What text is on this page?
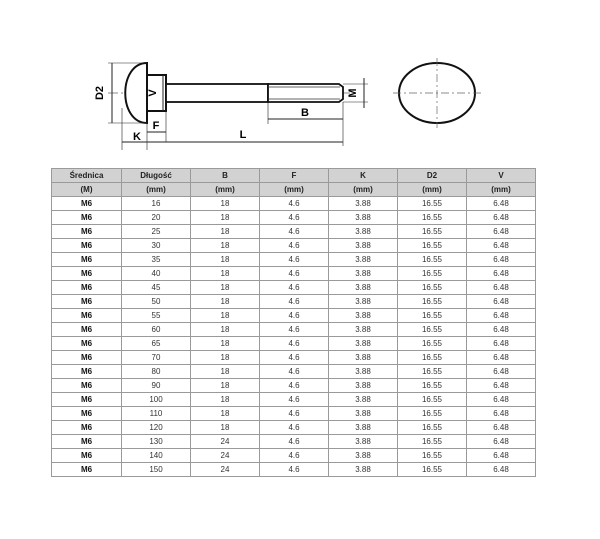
D2	V
K
F
L
B
M
Średnica	Długość	B	F	K	D2	V
(M)	(mm)	(mm)	(mm)	(mm)	(mm)	(mm)
M6	16	18	4.6	3.88	16.55	6.48
M6	20	18	4.6	3.88	16.55	6.48
M6	25	18	4.6	3.88	16.55	6.48
M6	30	18	4.6	3.88	16.55	6.48
M6	35	18	4.6	3.88	16.55	6.48
M6	40	18	4.6	3.88	16.55	6.48
M6	45	18	4.6	3.88	16.55	6.48
M6	50	18	4.6	3.88	16.55	6.48
M6	55	18	4.6	3.88	16.55	6.48
M6	60	18	4.6	3.88	16.55	6.48
M6	65	18	4.6	3.88	16.55	6.48
M6	70	18	4.6	3.88	16.55	6.48
M6	80	18	4.6	3.88	16.55	6.48
M6	90	18	4.6	3.88	16.55	6.48
M6	100	18	4.6	3.88	16.55	6.48
M6	110	18	4.6	3.88	16.55	6.48
M6	120	18	4.6	3.88	16.55	6.48
M6	130	24	4.6	3.88	16.55	6.48
M6	140	24	4.6	3.88	16.55	6.48
M6	150	24	4.6	3.88	16.55	6.48
